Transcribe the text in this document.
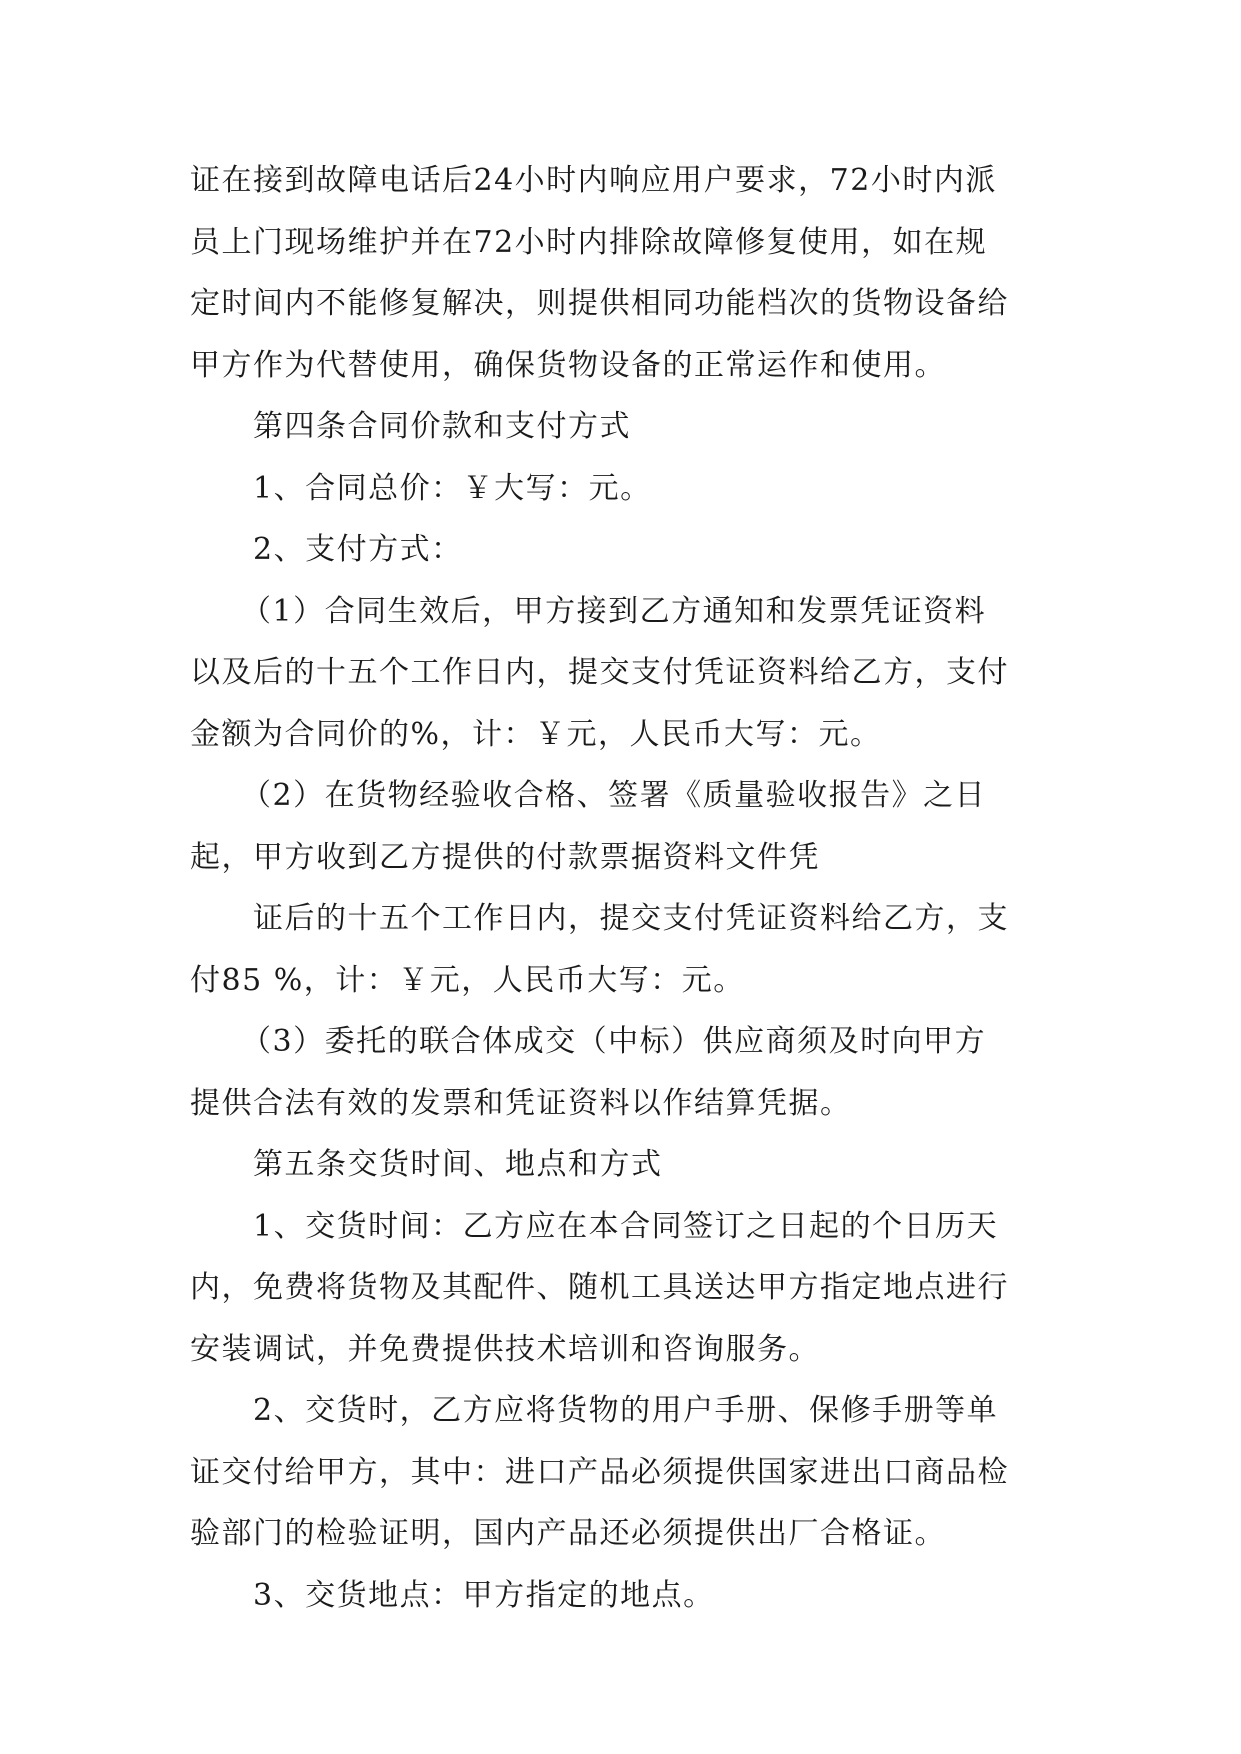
证在接到故障电话后24小时内响应用户要求，72小时内派
员上门现场维护并在72小时内排除故障修复使用，如在规
定时间内不能修复解决，则提供相同功能档次的货物设备给
甲方作为代替使用，确保货物设备的正常运作和使用。
第四条合同价款和支付方式
1、合同总价：￥大写：元。
2、支付方式：
（1）合同生效后，甲方接到乙方通知和发票凭证资料
以及后的十五个工作日内，提交支付凭证资料给乙方，支付
金额为合同价的%，计：￥元，人民币大写：元。
（2）在货物经验收合格、签署《质量验收报告》之日
起，甲方收到乙方提供的付款票据资料文件凭
证后的十五个工作日内，提交支付凭证资料给乙方，支
付85 %，计：￥元，人民币大写：元。
（3）委托的联合体成交（中标）供应商须及时向甲方
提供合法有效的发票和凭证资料以作结算凭据。
第五条交货时间、地点和方式
1、交货时间：乙方应在本合同签订之日起的个日历天
内，免费将货物及其配件、随机工具送达甲方指定地点进行
安装调试，并免费提供技术培训和咨询服务。
2、交货时，乙方应将货物的用户手册、保修手册等单
证交付给甲方，其中：进口产品必须提供国家进出口商品检
验部门的检验证明，国内产品还必须提供出厂合格证。
3、交货地点：甲方指定的地点。
